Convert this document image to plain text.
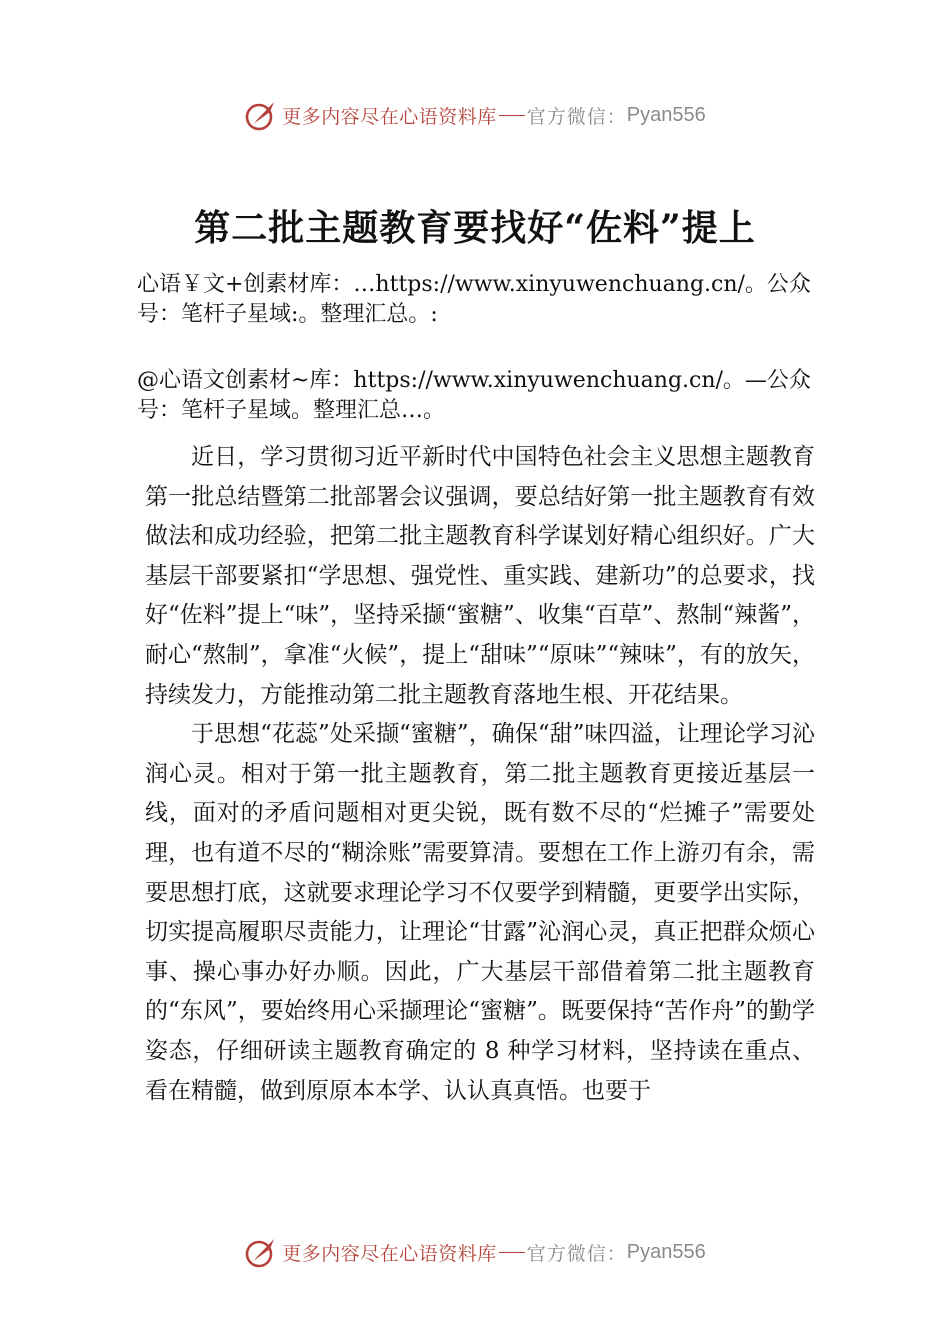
更多内容尽在心语资料库 官方微信： Pyan556
第二批主题教育要找好“佐料”提上
心语￥文+创素材库：…https://www.xinyuwenchuang.cn/。公众号：笔杆子星域:。整理汇总。:
@心语文创素材~库：https://www.xinyuwenchuang.cn/。—公众号：笔杆子星域。整理汇总…。

近日，学习贯彻习近平新时代中国特色社会主义思想主题教育第一批总结暨第二批部署会议强调，要总结好第一批主题教育有效做法和成功经验，把第二批主题教育科学谋划好精心组织好。广大基层干部要紧扣“学思想、强党性、重实践、建新功”的总要求，找好“佐料”提上“味”，坚持采撷“蜜糖”、收集“百草”、熬制“辣酱”，耐心“熬制”，拿准“火候”，提上“甜味”“原味”“辣味”，有的放矢，持续发力，方能推动第二批主题教育落地生根、开花结果。

于思想“花蕊”处采撷“蜜糖”，确保“甜”味四溢，让理论学习沁润心灵。相对于第一批主题教育，第二批主题教育更接近基层一线，面对的矛盾问题相对更尖锐，既有数不尽的“烂摊子”需要处理，也有道不尽的“糊涂账”需要算清。要想在工作上游刃有余，需要思想打底，这就要求理论学习不仅要学到精髓，更要学出实际，切实提高履职尽责能力，让理论“甘露”沁润心灵，真正把群众烦心事、操心事办好办顺。因此，广大基层干部借着第二批主题教育的“东风”，要始终用心采撷理论“蜜糖”。既要保持“苦作舟”的勤学姿态，仔细研读主题教育确定的 8 种学习材料，坚持读在重点、看在精髓，做到原原本本学、认认真真悟。也要于

更多内容尽在心语资料库 官方微信： Pyan556
